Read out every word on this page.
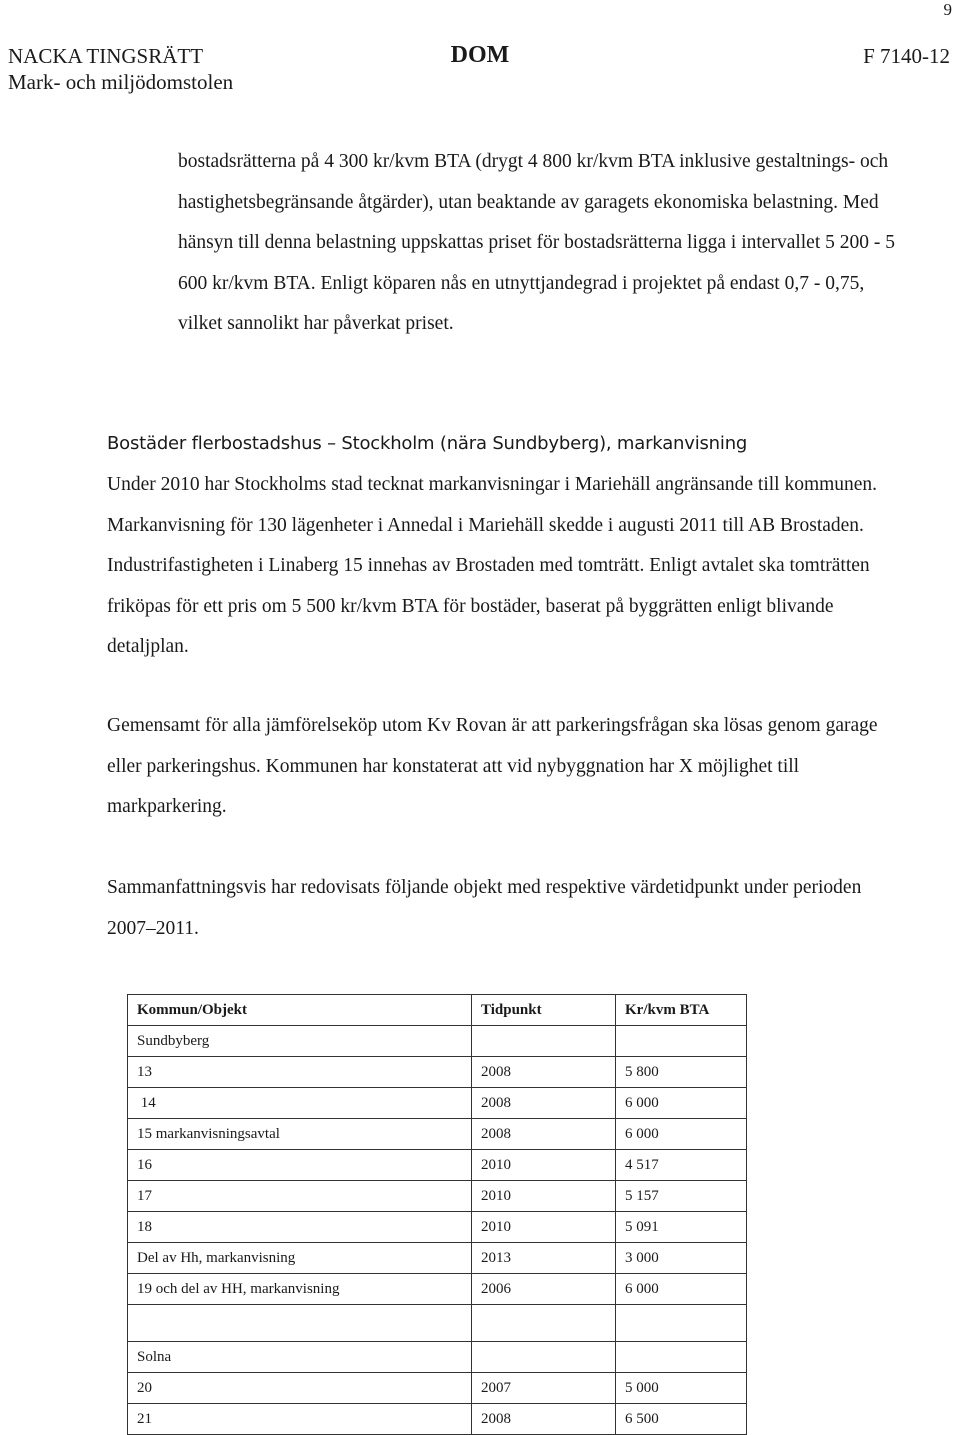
9
NACKA TINGSRÄTT
Mark- och miljödomstolen
DOM	F 7140-12

bostadsrätterna på 4 300 kr/kvm BTA (drygt 4 800 kr/kvm BTA inklusive gestaltnings- och hastighetsbegränsande åtgärder), utan beaktande av garagets ekonomiska belastning. Med hänsyn till denna belastning uppskattas priset för bostadsrätterna ligga i intervallet 5 200 - 5 600 kr/kvm BTA. Enligt köparen nås en utnyttjandegrad i projektet på endast 0,7 - 0,75, vilket sannolikt har påverkat priset.

Bostäder flerbostadshus – Stockholm (nära Sundbyberg), markanvisning

Under 2010 har Stockholms stad tecknat markanvisningar i Mariehäll angränsande till kommunen. Markanvisning för 130 lägenheter i Annedal i Mariehäll skedde i augusti 2011 till AB Brostaden. Industrifastigheten i Linaberg 15 innehas av Brostaden med tomträtt. Enligt avtalet ska tomträtten friköpas för ett pris om 5 500 kr/kvm BTA för bostäder, baserat på byggrätten enligt blivande detaljplan.

Gemensamt för alla jämförelseköp utom Kv Rovan är att parkeringsfrågan ska lösas genom garage eller parkeringshus. Kommunen har konstaterat att vid nybyggnation har X möjlighet till markparkering.

Sammanfattningsvis har redovisats följande objekt med respektive värdetidpunkt under perioden 2007–2011.

Kommun/Objekt	Tidpunkt	Kr/kvm BTA
Sundbyberg		
13	2008	5 800
14	2008	6 000
15 markanvisningsavtal	2008	6 000
16	2010	4 517
17	2010	5 157
18	2010	5 091
Del av Hh, markanvisning	2013	3 000
19 och del av HH, markanvisning	2006	6 000

Solna		
20	2007	5 000
21	2008	6 500
